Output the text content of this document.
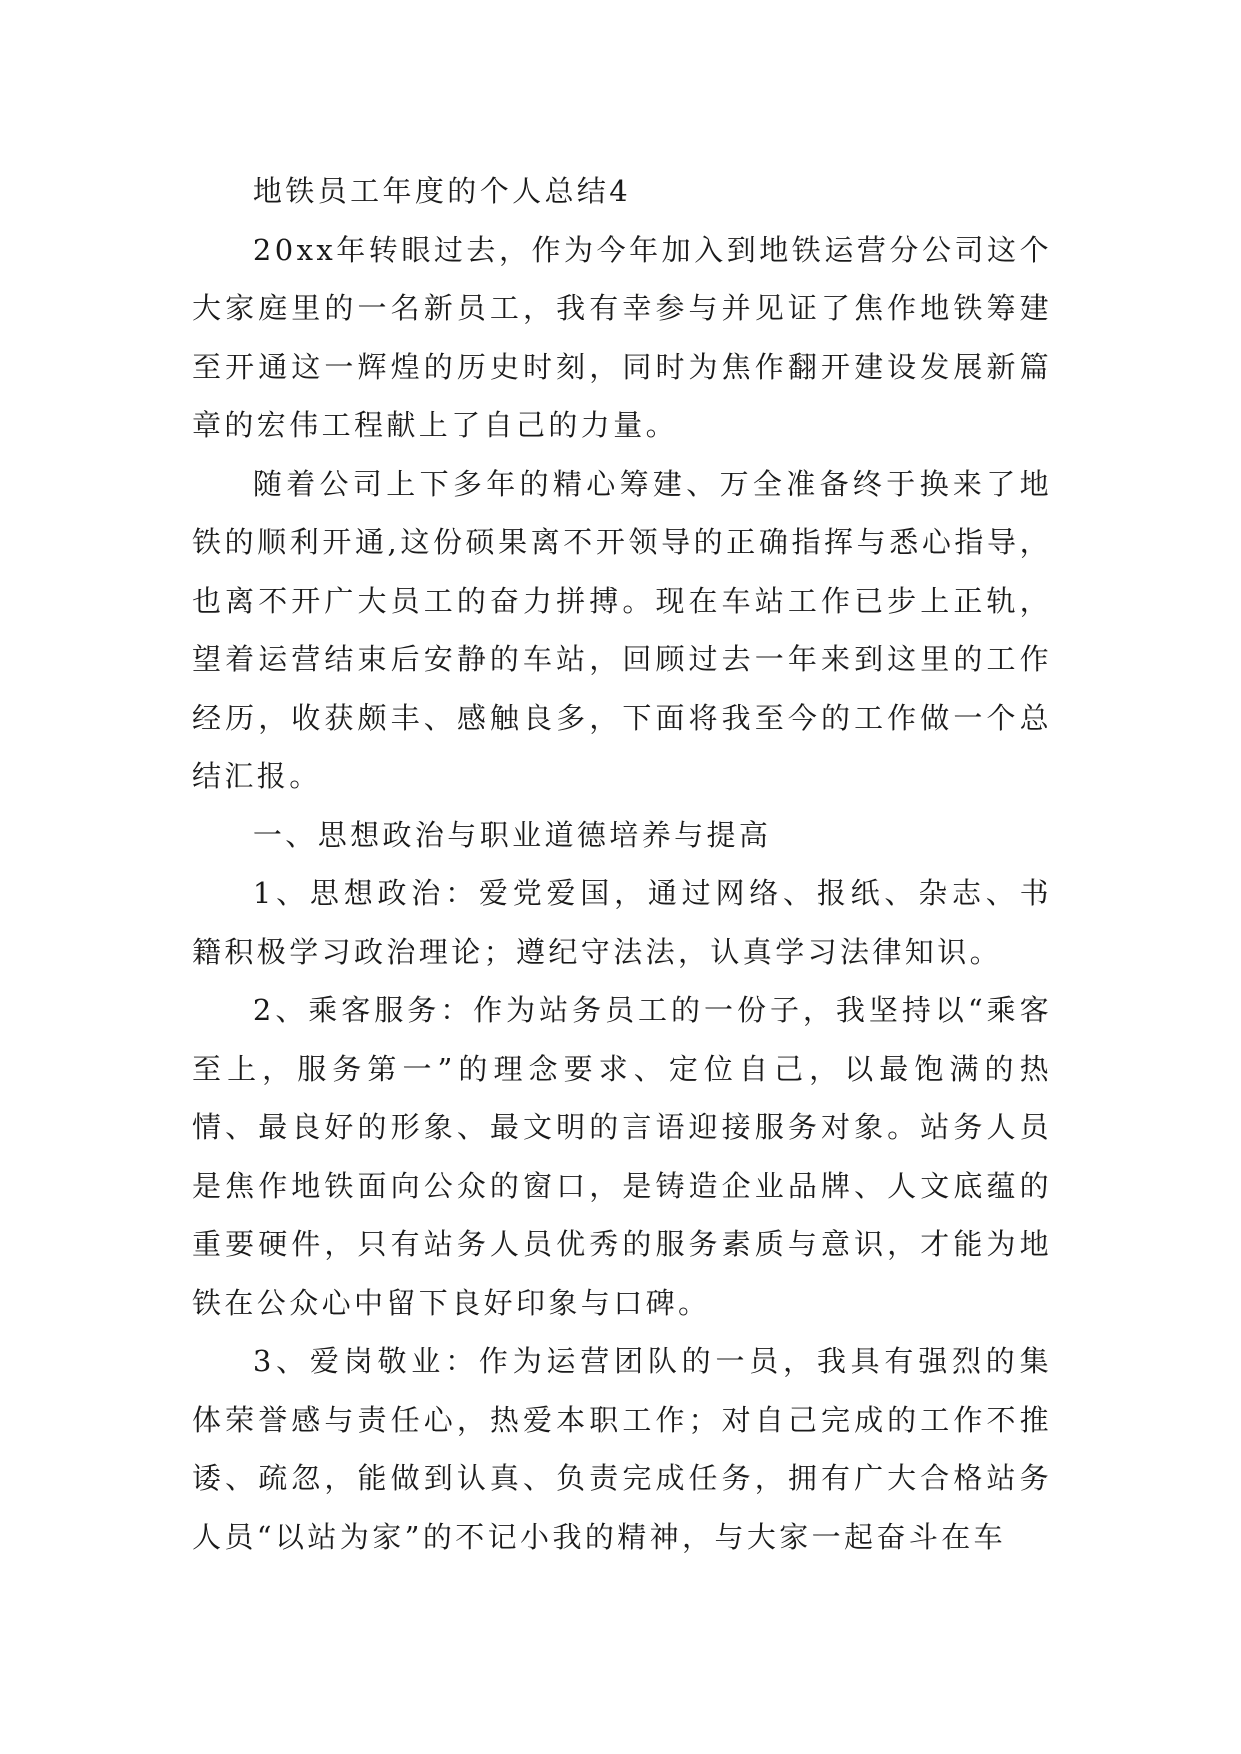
地铁员工年度的个人总结4

20xx年转眼过去，作为今年加入到地铁运营分公司这个大家庭里的一名新员工，我有幸参与并见证了焦作地铁筹建至开通这一辉煌的历史时刻，同时为焦作翻开建设发展新篇章的宏伟工程献上了自己的力量。

随着公司上下多年的精心筹建、万全准备终于换来了地铁的顺利开通,这份硕果离不开领导的正确指挥与悉心指导，也离不开广大员工的奋力拼搏。现在车站工作已步上正轨，望着运营结束后安静的车站，回顾过去一年来到这里的工作经历，收获颇丰、感触良多，下面将我至今的工作做一个总结汇报。

一、思想政治与职业道德培养与提高

1、思想政治：爱党爱国，通过网络、报纸、杂志、书籍积极学习政治理论；遵纪守法法，认真学习法律知识。

2、乘客服务：作为站务员工的一份子，我坚持以“乘客至上，服务第一”的理念要求、定位自己，以最饱满的热情、最良好的形象、最文明的言语迎接服务对象。站务人员是焦作地铁面向公众的窗口，是铸造企业品牌、人文底蕴的重要硬件，只有站务人员优秀的服务素质与意识，才能为地铁在公众心中留下良好印象与口碑。

3、爱岗敬业：作为运营团队的一员，我具有强烈的集体荣誉感与责任心，热爱本职工作；对自己完成的工作不推诿、疏忽，能做到认真、负责完成任务，拥有广大合格站务人员“以站为家”的不记小我的精神，与大家一起奋斗在车
